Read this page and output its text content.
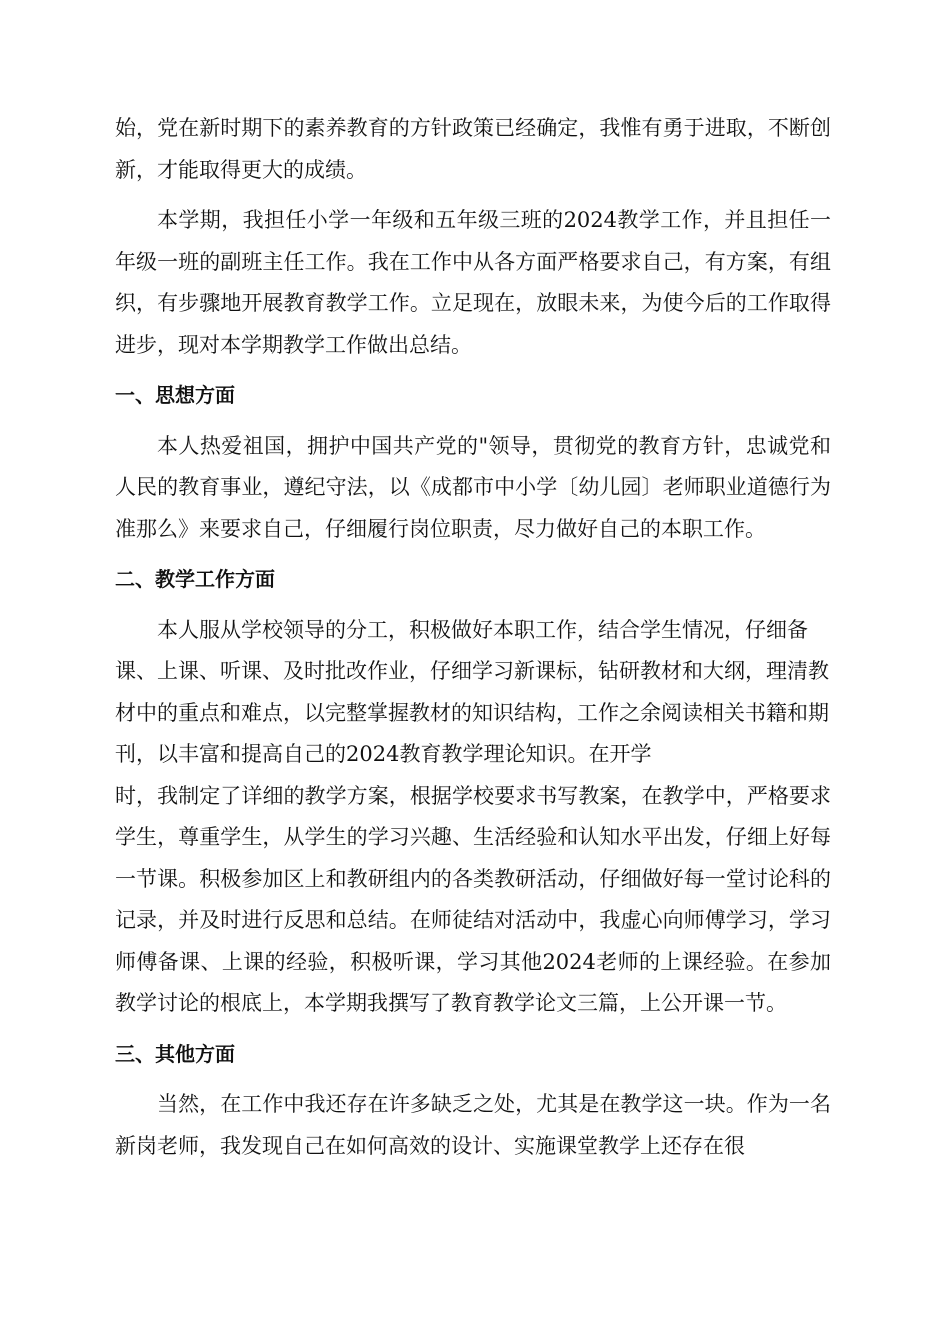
始，党在新时期下的素养教育的方针政策已经确定，我惟有勇于进取，不断创新，才能取得更大的成绩。

本学期，我担任小学一年级和五年级三班的2024教学工作，并且担任一年级一班的副班主任工作。我在工作中从各方面严格要求自己，有方案，有组织，有步骤地开展教育教学工作。立足现在，放眼未来，为使今后的工作取得进步，现对本学期教学工作做出总结。

一、思想方面

本人热爱祖国，拥护中国共产党的"领导，贯彻党的教育方针，忠诚党和人民的教育事业，遵纪守法，以《成都市中小学〔幼儿园〕老师职业道德行为准那么》来要求自己，仔细履行岗位职责，尽力做好自己的本职工作。

二、教学工作方面

本人服从学校领导的分工，积极做好本职工作，结合学生情况，仔细备课、上课、听课、及时批改作业，仔细学习新课标，钻研教材和大纲，理清教材中的重点和难点，以完整掌握教材的知识结构，工作之余阅读相关书籍和期刊，以丰富和提高自己的2024教育教学理论知识。在开学

时，我制定了详细的教学方案，根据学校要求书写教案，在教学中，严格要求学生，尊重学生，从学生的学习兴趣、生活经验和认知水平出发，仔细上好每一节课。积极参加区上和教研组内的各类教研活动，仔细做好每一堂讨论科的记录，并及时进行反思和总结。在师徒结对活动中，我虚心向师傅学习，学习师傅备课、上课的经验，积极听课，学习其他2024老师的上课经验。在参加教学讨论的根底上，本学期我撰写了教育教学论文三篇，上公开课一节。

三、其他方面

当然，在工作中我还存在许多缺乏之处，尤其是在教学这一块。作为一名新岗老师，我发现自己在如何高效的设计、实施课堂教学上还存在很
